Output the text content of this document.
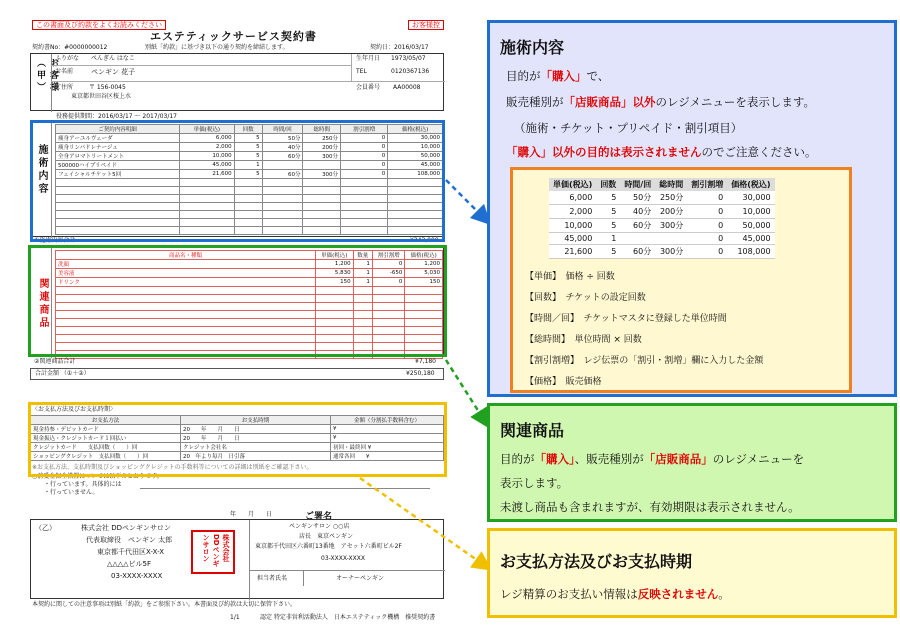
この書面及び約款をよくお読みください	お客様控
エステティックサービス契約書
契約書No：#0000000012	別紙「約款」に基づき以下の通り契約を締結します。	契約日：2016/03/17
お客様（甲）	ふりがな ぺんぎん はなこ
お名前	ペンギン 花子
ご住所	〒 156-0045
東京都世田谷区桜上水
生年月日 1973/05/07
TEL	0120367136
会員番号 AA00008
役務提供期間：2016/03/17 ～ 2017/03/17
施術内容
ご契約内容明細	単価(税込)	回数	時間/回	総時間	割引割増	価格(税込)
痩身アーユルヴェーダ	6,000	5	50分	250分	0	30,000
痩身リンパドレナージュ	2,000	5	40分	200分	0	10,000
全身アロマトリートメント	10,000	5	60分	300分	0	50,000
500000ハイプリペイド	45,000	1			0	45,000
フェイシャルチケット5回	21,600	5	60分	300分	0	108,000

①施術内容合計	¥243,000
関連商品
商品名・種類	単価(税込)	数量	割引割増	価格(税込)
洗顔	1,200	1	0	1,200
美容液	5,830	1	-650	5,030
ドリンク	150	1	0	150

②関連商品合計	¥7,180
合計金額 （①＋②）	¥250,180
〈お支払方法及びお支払時期〉
お支払方法	お支払時期	金額（分割払手数料含む）
現金持参・デビットカード	20　　年　　月　　日	¥
現金振込・クレジットカード１回払い	20　　年　　月　　日	¥
クレジットカード　　支払回数（　　）回	クレジット会社名	初回・最終回 ¥
ショッピングクレジット　支払回数（　　）回	20　年より毎月　日引落	通常各回　　¥
※お支払方法、支払時期及びショッピングクレジットの手数料等についての詳細は別紙をご確認下さい。
○前受金保全措置については以下のとおりです。
・行っています。具体的には
・行っていません。
年　　月　　日	ご署名
（乙）	株式会社 DDペンギンサロン
代表取締役　ペンギン 太郎
東京都千代田区X-X-X
△△△△ビル5F
03-XXXX-XXXX
株式会社DDペンギンサロン
ペンギンサロン ○○店
店長　東京ペンギン
東京都千代田区六番町13番地　アセット六番町ビル2F
03-XXXX-XXXX
担当者氏名	オーナーペンギン
本契約に関しての注意事項は別紙「約款」をご参照下さい。本書面及び約款は大切に保管下さい。
1/1	認定 特定非営利活動法人　日本エステティック機構　推奨契約書
施術内容
目的が「購入」で、
販売種別が「店販商品」以外のレジメニューを表示します。
（施術・チケット・プリペイド・割引項目）
「購入」以外の目的は表示されませんのでご注意ください。
単価(税込)	回数	時間/回	総時間	割引割増	価格(税込)
6,000	5	50分	250分	0	30,000
2,000	5	40分	200分	0	10,000
10,000	5	60分	300分	0	50,000
45,000	1			0	45,000
21,600	5	60分	300分	0	108,000
【単価】　 価格 ÷ 回数
【回数】　 チケットの設定回数
【時間／回】　 チケットマスタに登録した単位時間
【総時間】　 単位時間 × 回数
【割引割増】　 レジ伝票の「割引・割増」欄に入力した金額
【価格】　 販売価格
関連商品
目的が「購入」、販売種別が「店販商品」のレジメニューを
表示します。
未渡し商品も含まれますが、有効期限は表示されません。
お支払方法及びお支払時期
レジ精算のお支払い情報は反映されません。
